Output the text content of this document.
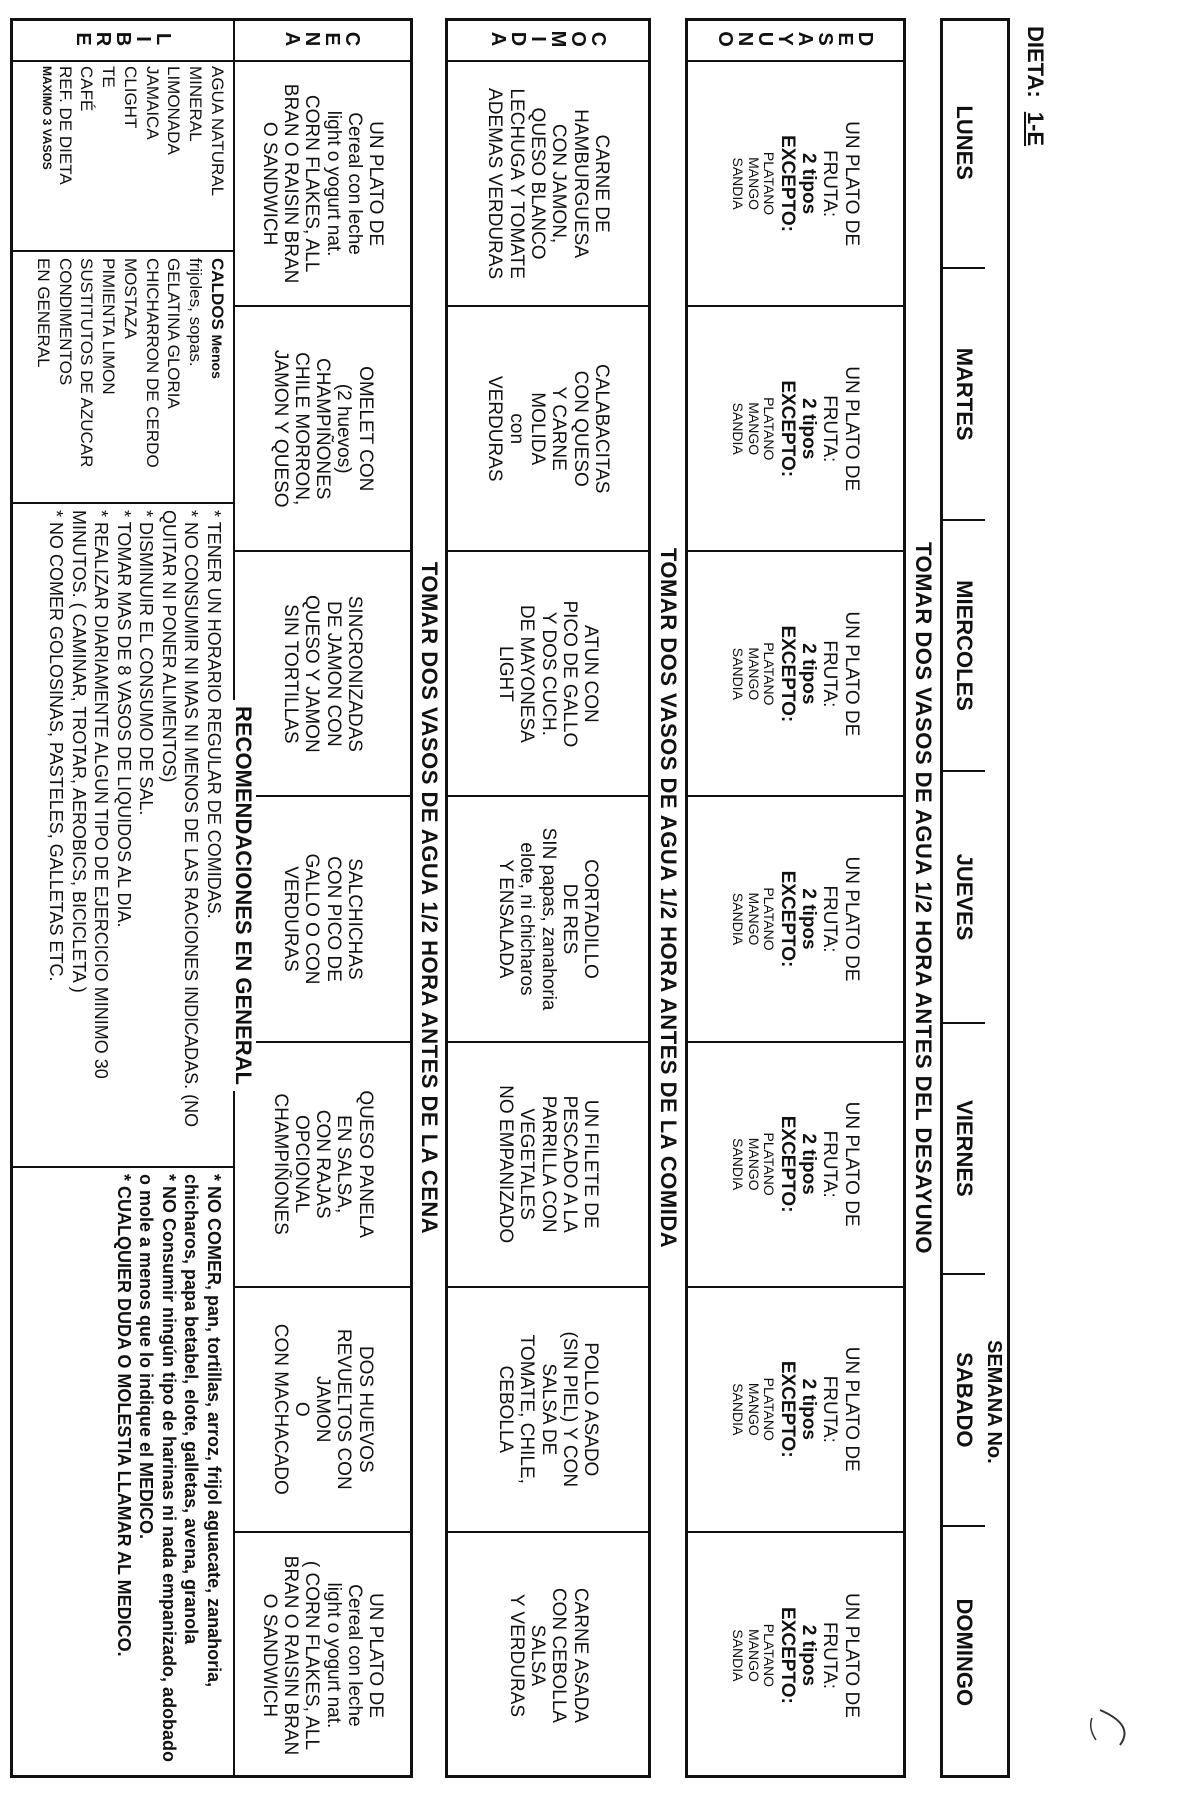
DIETA: 1-E
SEMANA No.
LUNES
MARTES
MIERCOLES
JUEVES
VIERNES
SABADO
DOMINGO
TOMAR DOS VASOS DE AGUA 1/2 HORA ANTES DEL DESAYUNO
D
E
S
A
Y
U
N
O
UN PLATO DE
FRUTA:
2 tipos
EXCEPTO:
PLATANO
MANGO
SANDIA
UN PLATO DE
FRUTA:
2 tipos
EXCEPTO:
PLATANO
MANGO
SANDIA
UN PLATO DE
FRUTA:
2 tipos
EXCEPTO:
PLATANO
MANGO
SANDIA
UN PLATO DE
FRUTA:
2 tipos
EXCEPTO:
PLATANO
MANGO
SANDIA
UN PLATO DE
FRUTA:
2 tipos
EXCEPTO:
PLATANO
MANGO
SANDIA
UN PLATO DE
FRUTA:
2 tipos
EXCEPTO:
PLATANO
MANGO
SANDIA
UN PLATO DE
FRUTA:
2 tipos
EXCEPTO:
PLATANO
MANGO
SANDIA
TOMAR DOS VASOS DE AGUA 1/2 HORA ANTES DE LA COMIDA
C
O
M
I
D
A
CARNE DE
HAMBURGUESA
CON JAMON,
QUESO BLANCO
LECHUGA Y TOMATE
ADEMAS VERDURAS
CALABACITAS
CON QUESO
Y CARNE
MOLIDA
con
VERDURAS
ATUN CON
PICO DE GALLO
Y DOS CUCH.
DE MAYONESA
LIGHT
CORTADILLO
DE RES
SIN papas, zanahoria
elote, ni chicharos
Y ENSALADA
UN FILETE DE
PESCADO A LA
PARRILLA CON
VEGETALES
NO EMPANIZADO
POLLO ASADO
(SIN PIEL) Y CON
SALSA DE
TOMATE, CHILE,
CEBOLLA
CARNE ASADA
CON CEBOLLA
SALSA
Y VERDURAS
TOMAR DOS VASOS DE AGUA 1/2 HORA ANTES DE LA CENA
C
E
N
A
UN PLATO DE
Cereal con leche
light o yogurt nat.
CORN FLAKES, ALL
BRAN O RAISIN BRAN
O SANDWICH
OMELET CON
(2 huevos)
CHAMPIÑONES
CHILE MORRON,
JAMON Y QUESO
SINCRONIZADAS
DE JAMON CON
QUESO Y JAMON
SIN TORTILLAS
SALCHICHAS
CON PICO DE
GALLO O CON
VERDURAS
QUESO PANELA
EN SALSA,
CON RAJAS
OPCIONAL
CHAMPIÑONES
DOS HUEVOS
REVUELTOS CON
JAMON
O
CON MACHACADO
UN PLATO DE
Cereal con leche
light o yogurt nat.
( CORN FLAKES, ALL
BRAN O RAISIN BRAN
O SANDWICH
L
I
B
R
E
AGUA NATURAL
MINERAL
LIMONADA
JAMAICA
CLIGHT
TE
CAFÉ
REF. DE DIETA
MAXIMO 3 VASOS
CALDOS Menos
frijoles, sopas.
GELATINA GLORIA
CHICHARRON DE CERDO
MOSTAZA
PIMIENTA LIMON
SUSTITUTOS DE AZUCAR
CONDIMENTOS
EN GENERAL
RECOMENDACIONES EN GENERAL
* TENER UN HORARIO REGULAR DE COMIDAS.
* NO CONSUMIR NI MAS NI MENOS DE LAS RACIONES INDICADAS. (NO QUITAR NI PONER ALIMENTOS)
* DISMINUIR EL CONSUMO DE SAL.
* TOMAR MAS DE 8 VASOS DE LIQUIDOS AL DIA.
* REALIZAR DIARIAMENTE ALGUN TIPO DE EJERCICIO MINIMO 30 MINUTOS. ( CAMINAR, TROTAR, AEROBICS, BICICLETA )
* NO COMER GOLOSINAS, PASTELES, GALLETAS ETC.
* NO COMER, pan, tortillas, arroz, frijol aguacate, zanahoria, chicharos, papa betabel, elote, galletas, avena, granola
* NO Consumir ningún tipo de harinas ni nada empanizado, adobado o mole a menos que lo indique el MEDICO.
* CUALQUIER DUDA O MOLESTIA LLAMAR AL MEDICO.
